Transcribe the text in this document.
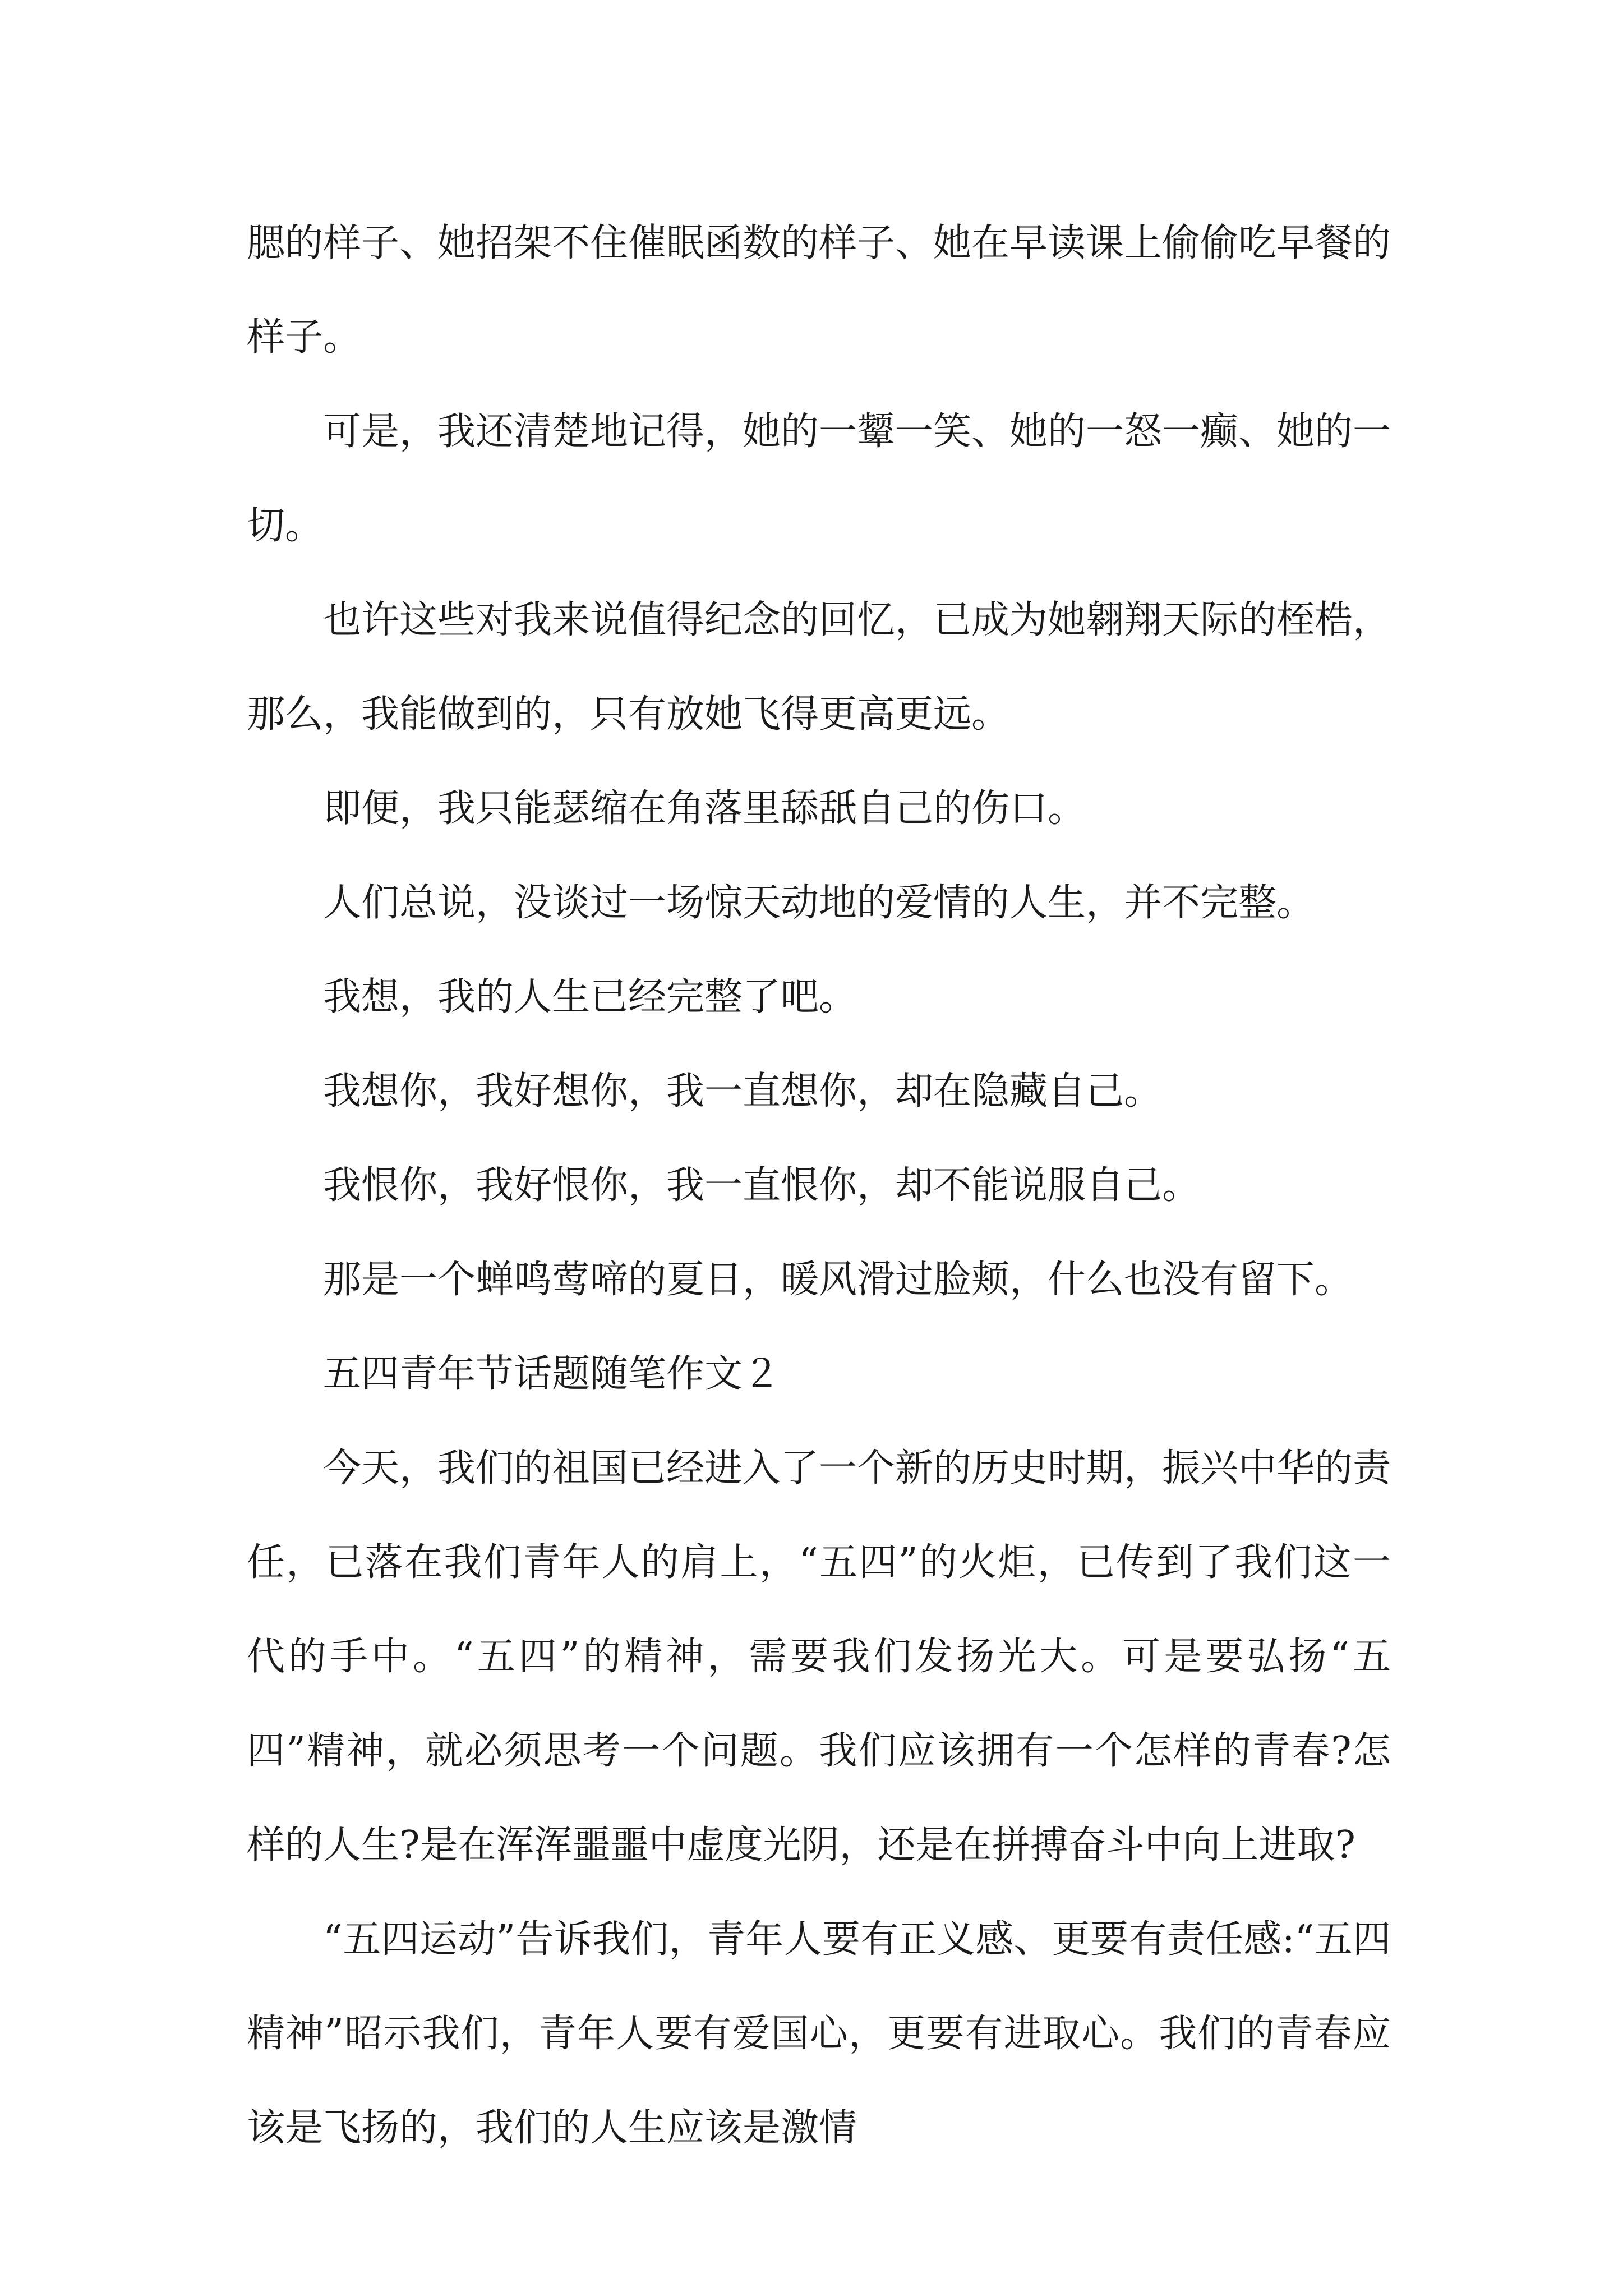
腮的样子、她招架不住催眠函数的样子、她在早读课上偷偷吃早餐的样子。

可是，我还清楚地记得，她的一颦一笑、她的一怒一癫、她的一切。

也许这些对我来说值得纪念的回忆，已成为她翱翔天际的桎梏，那么，我能做到的，只有放她飞得更高更远。

即便，我只能瑟缩在角落里舔舐自己的伤口。

人们总说，没谈过一场惊天动地的爱情的人生，并不完整。

我想，我的人生已经完整了吧。

我想你，我好想你，我一直想你，却在隐藏自己。

我恨你，我好恨你，我一直恨你，却不能说服自己。

那是一个蝉鸣莺啼的夏日，暖风滑过脸颊，什么也没有留下。

五四青年节话题随笔作文２

今天，我们的祖国已经进入了一个新的历史时期，振兴中华的责任，已落在我们青年人的肩上，“五四”的火炬，已传到了我们这一代的手中。“五四”的精神，需要我们发扬光大。可是要弘扬“五四”精神，就必须思考一个问题。我们应该拥有一个怎样的青春?怎样的人生?是在浑浑噩噩中虚度光阴，还是在拼搏奋斗中向上进取?

“五四运动”告诉我们，青年人要有正义感、更要有责任感:“五四精神”昭示我们，青年人要有爱国心，更要有进取心。我们的青春应该是飞扬的，我们的人生应该是激情
